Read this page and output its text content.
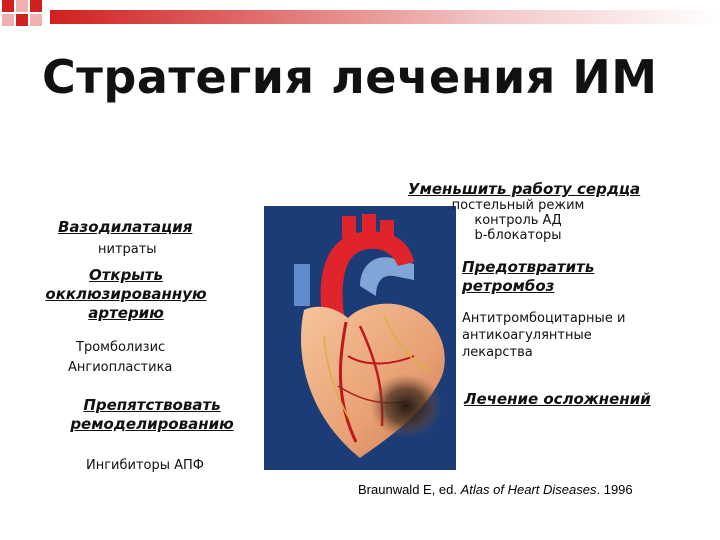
Стратегия лечения ИМ
Вазодилатация
нитраты
Открыть
окклюзированную
артерию
Тромболизис
Ангиопластика
Препятствовать
ремоделированию
Ингибиторы АПФ
Уменьшить работу сердца
постельный режим
контроль АД
b-блокаторы
Предотвратить
ретромбоз
Антитромбоцитарные и
антикоагулянтные
лекарства
Лечение осложнений
Braunwald E, ed. Atlas of Heart Diseases. 1996
